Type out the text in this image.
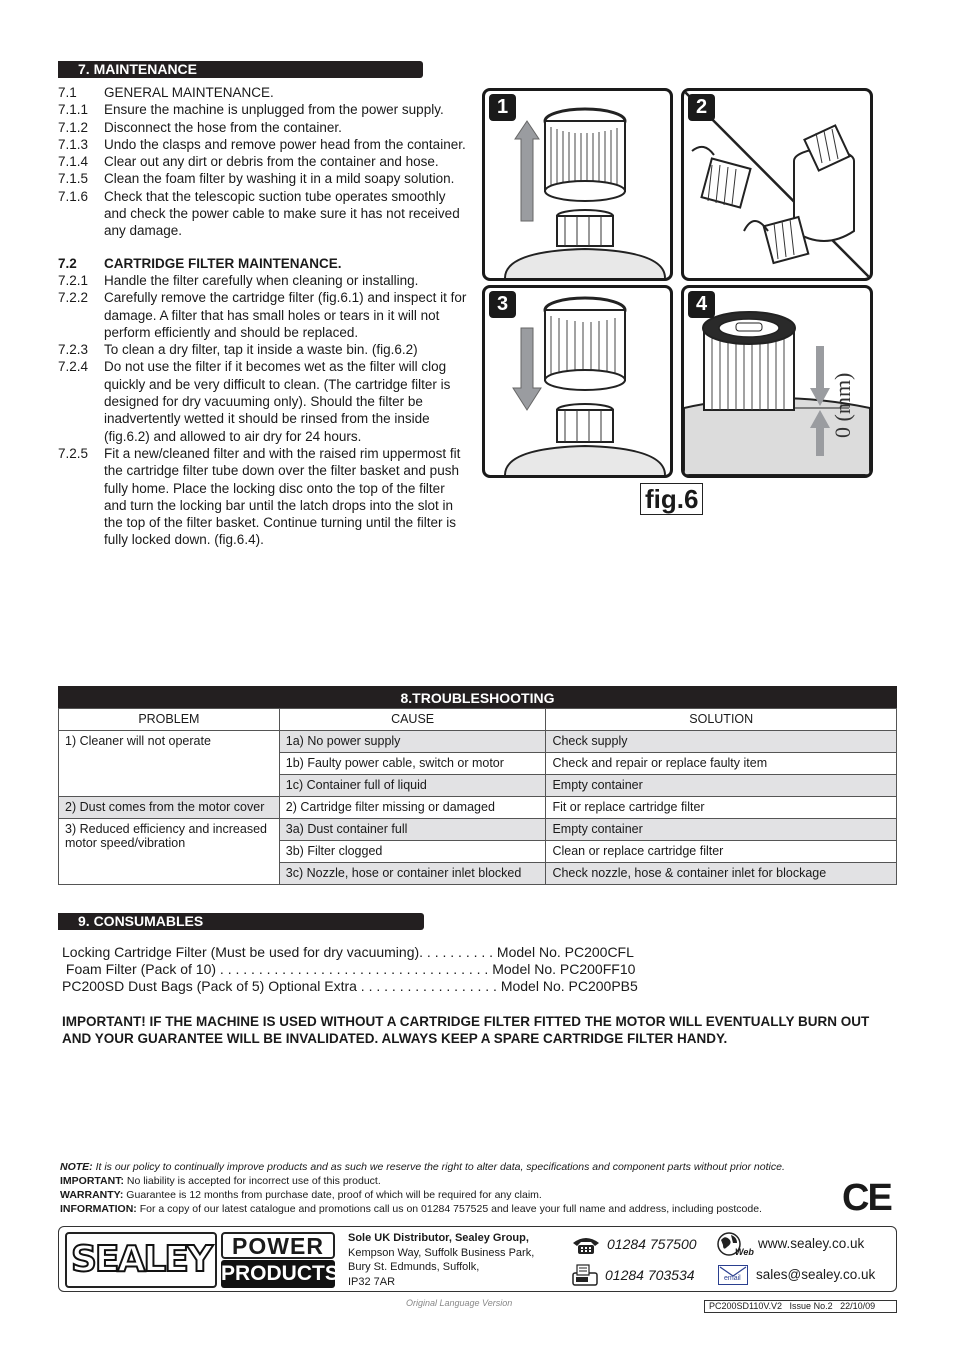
7. MAINTENANCE
7.1	GENERAL MAINTENANCE.
7.1.1	Ensure the machine is unplugged from the power supply.
7.1.2	Disconnect the hose from the container.
7.1.3	Undo the clasps and remove power head from the container.
7.1.4	Clear out any dirt or debris from the container and hose.
7.1.5	Clean the foam filter by washing it in a mild soapy solution.
7.1.6	Check that the telescopic suction tube operates smoothly and check the power cable to make sure it has not received any damage.
7.2	CARTRIDGE FILTER MAINTENANCE.
7.2.1	Handle the filter carefully when cleaning or installing.
7.2.2	Carefully remove the cartridge filter (fig.6.1) and inspect it for damage. A filter that has small holes or tears in it will not perform efficiently and should be replaced.
7.2.3	To clean a dry filter, tap it inside a waste bin. (fig.6.2)
7.2.4	Do not use the filter if it becomes wet as the filter will clog quickly and be very difficult to clean. (The cartridge filter is designed for dry vacuuming only). Should the filter be inadvertently wetted it should be rinsed from the inside (fig.6.2) and allowed to air dry for 24 hours.
7.2.5	Fit a new/cleaned filter and with the raised rim uppermost fit the cartridge filter tube down over the filter basket and push fully home. Place the locking disc onto the top of the filter and turn the locking bar until the latch drops into the slot in the top of the filter basket. Continue turning until the filter is fully locked down. (fig.6.4).
1	2
3
0 (mm)
4
fig.6
8.TROUBLESHOOTING
PROBLEM	CAUSE	SOLUTION
1) Cleaner will not operate	1a) No power supply	Check supply
	1b) Faulty power cable, switch or motor	Check and repair or replace faulty item
	1c) Container full of liquid	Empty container
2) Dust comes from the motor cover	2) Cartridge filter missing or damaged	Fit or replace cartridge filter
3) Reduced efficiency and increased motor speed/vibration	3a) Dust container full	Empty container
	3b) Filter clogged	Clean or replace cartridge filter
	3c) Nozzle, hose or container inlet blocked	Check nozzle, hose & container inlet for blockage
9. CONSUMABLES
Locking Cartridge Filter (Must be used for dry vacuuming). . . . . . . . . . Model No. PC200CFL
Foam Filter (Pack of 10) . . . . . . . . . . . . . . . . . . . . . . . . . . . . . . . . . . . Model No. PC200FF10
PC200SD Dust Bags (Pack of 5) Optional Extra . . . . . . . . . . . . . . . . . . Model No. PC200PB5
IMPORTANT! IF THE MACHINE IS USED WITHOUT A CARTRIDGE FILTER FITTED THE MOTOR WILL EVENTUALLY BURN OUT AND YOUR GUARANTEE WILL BE INVALIDATED. ALWAYS KEEP A SPARE CARTRIDGE FILTER HANDY.
NOTE: It is our policy to continually improve products and as such we reserve the right to alter data, specifications and component parts without prior notice.
IMPORTANT: No liability is accepted for incorrect use of this product.
WARRANTY: Guarantee is 12 months from purchase date, proof of which will be required for any claim.
INFORMATION: For a copy of our latest catalogue and promotions call us on 01284 757525 and leave your full name and address, including postcode.	CE
SEALEY POWER
PRODUCTS
Sole UK Distributor, Sealey Group,
Kempson Way, Suffolk Business Park,
Bury St. Edmunds, Suffolk,
IP32 7AR
01284 757500
01284 703534
Web
www.sealey.co.uk
email sales@sealey.co.uk
Original Language Version	PC200SD110V.V2   Issue No.2   22/10/09
